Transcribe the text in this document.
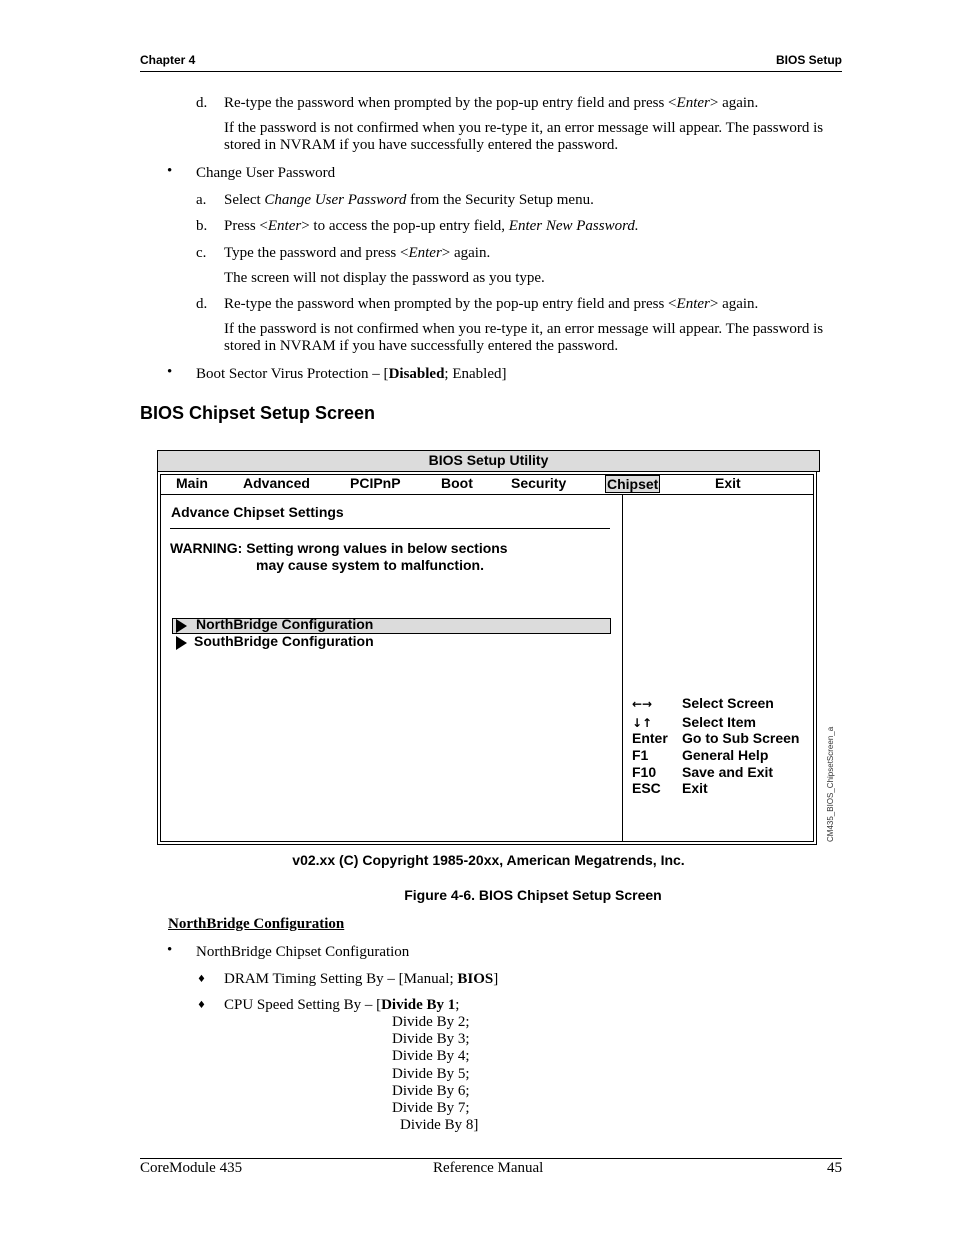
Chapter 4	BIOS Setup
d. Re-type the password when prompted by the pop-up entry field and press <Enter> again.
If the password is not confirmed when you re-type it, an error message will appear. The password is
stored in NVRAM if you have successfully entered the password.
• Change User Password
a. Select Change User Password from the Security Setup menu.
b. Press <Enter> to access the pop-up entry field, Enter New Password.
c. Type the password and press <Enter> again.
The screen will not display the password as you type.
d. Re-type the password when prompted by the pop-up entry field and press <Enter> again.
If the password is not confirmed when you re-type it, an error message will appear. The password is
stored in NVRAM if you have successfully entered the password.
• Boot Sector Virus Protection – [Disabled; Enabled]
BIOS Chipset Setup Screen
BIOS Setup Utility
Main	Advanced	PCIPnP	Boot	Security	Chipset	Exit
Advance Chipset Settings
WARNING: Setting wrong values in below sections
may cause system to malfunction.
NorthBridge Configuration
SouthBridge Configuration
←→ Select Screen
↓↑ Select Item
Enter Go to Sub Screen
F1 General Help
F10 Save and Exit
ESC Exit	CM435_BIOS_ChipsetScreen_a
v02.xx (C) Copyright 1985-20xx, American Megatrends, Inc.
Figure 4-6. BIOS Chipset Setup Screen
NorthBridge Configuration
• NorthBridge Chipset Configuration
♦ DRAM Timing Setting By – [Manual; BIOS]
♦ CPU Speed Setting By – [Divide By 1;
Divide By 2;
Divide By 3;
Divide By 4;
Divide By 5;
Divide By 6;
Divide By 7;
Divide By 8]
CoreModule 435	Reference Manual	45
